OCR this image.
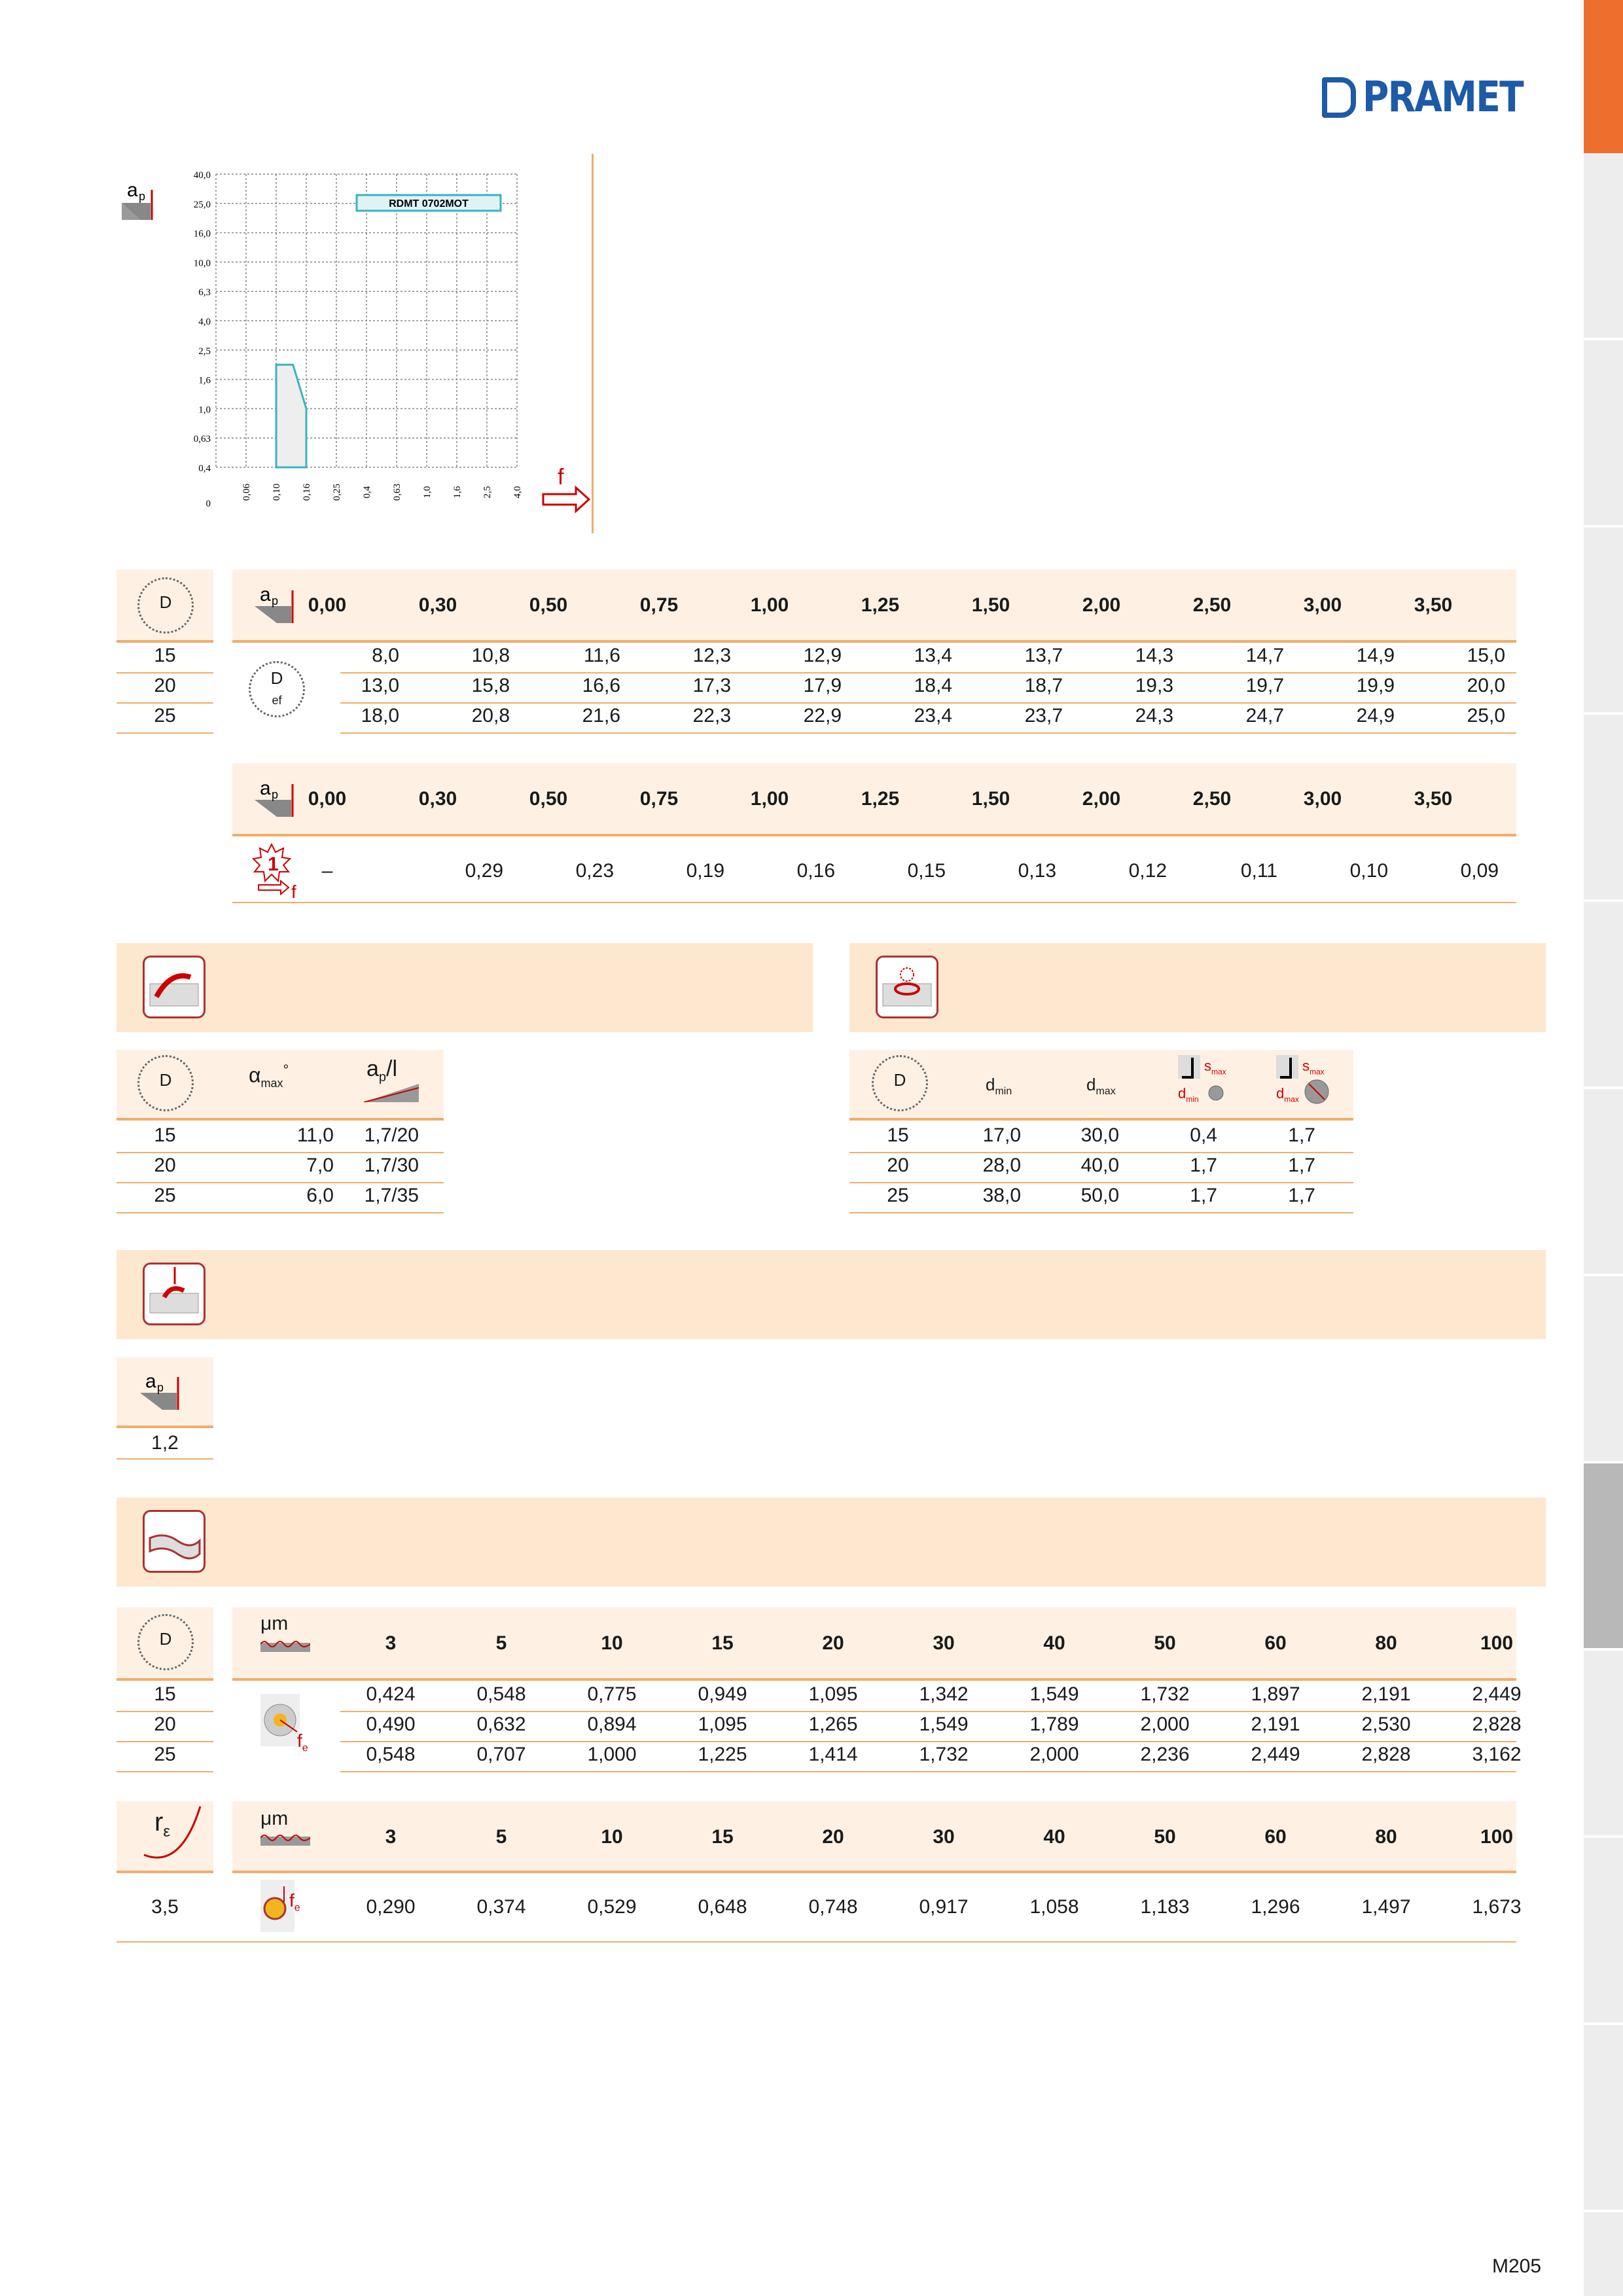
PRAMET
a p
40,0
25,0
16,0
10,0
6,3
4,0
2,5
1,6
1,0
0,63
0,4
0
0,06 0,10 0,16 0,25 0,4 0,63 1,0 1,6 2,5 4,0
RDMT 0702MOT
f
D	a p	0,00	0,30	0,50	0,75	1,00	1,25	1,50	2,00	2,50	3,00	3,50
15	8,0	10,8	11,6	12,3	12,9	13,4	13,7	14,3	14,7	14,9	15,0
20	13,0	15,8	16,6	17,3	17,9	18,4	18,7	19,3	19,7	19,9	20,0
25	18,0	20,8	21,6	22,3	22,9	23,4	23,7	24,3	24,7	24,9	25,0
D
ef
a p	0,00	0,30	0,50	0,75	1,00	1,25	1,50	2,00	2,50	3,00	3,50
1
f
–	0,29	0,23	0,19	0,16	0,15	0,13	0,12	0,11	0,10	0,09
D	$\alpha_{max}^\circ$	$a_p/l$
15	11,0	1,7/20
20	7,0	1,7/30
25	6,0	1,7/35
D	$d_{min}$	$d_{max}$
$s_{max}$
$d_{min}$
$s_{max}$
$d_{max}$
15	17,0	30,0	0,4	1,7
20	28,0	40,0	1,7	1,7
25	38,0	50,0	1,7	1,7
a p
1,2
D
μm
3	5	10	15	20	30	40	50	60	80	100
$f_e$
15	0,424	0,548	0,775	0,949	1,095	1,342	1,549	1,732	1,897	2,191	2,449
20	0,490	0,632	0,894	1,095	1,265	1,549	1,789	2,000	2,191	2,530	2,828
25	0,548	0,707	1,000	1,225	1,414	1,732	2,000	2,236	2,449	2,828	3,162
$r_\varepsilon$
μm
3	5	10	15	20	30	40	50	60	80	100
$f_e$
3,5	0,290	0,374	0,529	0,648	0,748	0,917	1,058	1,183	1,296	1,497	1,673
M205
